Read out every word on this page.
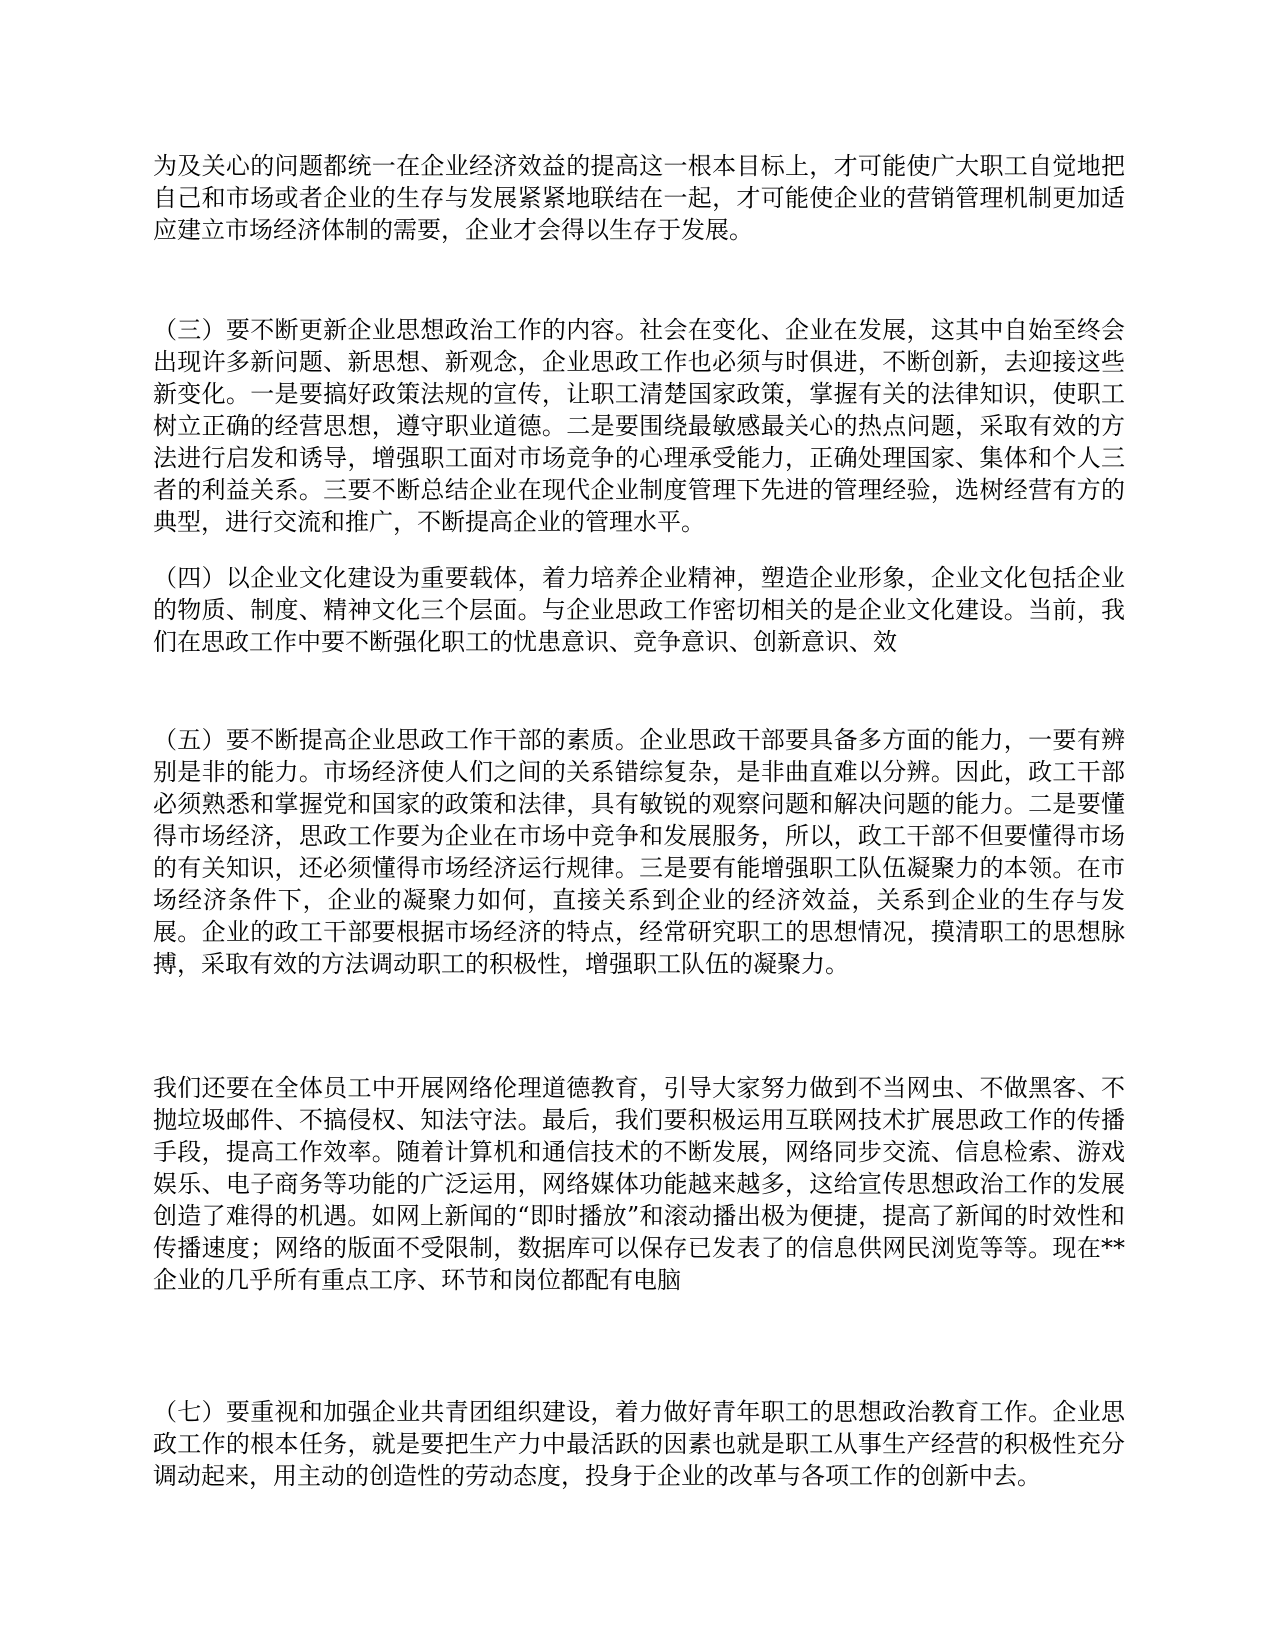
为及关心的问题都统一在企业经济效益的提高这一根本目标上，才可能使广大职工自觉地把自己和市场或者企业的生存与发展紧紧地联结在一起，才可能使企业的营销管理机制更加适应建立市场经济体制的需要，企业才会得以生存于发展。

（三）要不断更新企业思想政治工作的内容。社会在变化、企业在发展，这其中自始至终会出现许多新问题、新思想、新观念，企业思政工作也必须与时俱进，不断创新，去迎接这些新变化。一是要搞好政策法规的宣传，让职工清楚国家政策，掌握有关的法律知识，使职工树立正确的经营思想，遵守职业道德。二是要围绕最敏感最关心的热点问题，采取有效的方法进行启发和诱导，增强职工面对市场竞争的心理承受能力，正确处理国家、集体和个人三者的利益关系。三要不断总结企业在现代企业制度管理下先进的管理经验，选树经营有方的典型，进行交流和推广，不断提高企业的管理水平。

（四）以企业文化建设为重要载体，着力培养企业精神，塑造企业形象，企业文化包括企业的物质、制度、精神文化三个层面。与企业思政工作密切相关的是企业文化建设。当前，我们在思政工作中要不断强化职工的忧患意识、竞争意识、创新意识、效

（五）要不断提高企业思政工作干部的素质。企业思政干部要具备多方面的能力，一要有辨别是非的能力。市场经济使人们之间的关系错综复杂，是非曲直难以分辨。因此，政工干部必须熟悉和掌握党和国家的政策和法律，具有敏锐的观察问题和解决问题的能力。二是要懂得市场经济，思政工作要为企业在市场中竞争和发展服务，所以，政工干部不但要懂得市场的有关知识，还必须懂得市场经济运行规律。三是要有能增强职工队伍凝聚力的本领。在市场经济条件下，企业的凝聚力如何，直接关系到企业的经济效益，关系到企业的生存与发展。企业的政工干部要根据市场经济的特点，经常研究职工的思想情况，摸清职工的思想脉搏，采取有效的方法调动职工的积极性，增强职工队伍的凝聚力。

我们还要在全体员工中开展网络伦理道德教育，引导大家努力做到不当网虫、不做黑客、不抛垃圾邮件、不搞侵权、知法守法。最后，我们要积极运用互联网技术扩展思政工作的传播手段，提高工作效率。随着计算机和通信技术的不断发展，网络同步交流、信息检索、游戏娱乐、电子商务等功能的广泛运用，网络媒体功能越来越多，这给宣传思想政治工作的发展创造了难得的机遇。如网上新闻的“即时播放”和滚动播出极为便捷，提高了新闻的时效性和传播速度；网络的版面不受限制，数据库可以保存已发表了的信息供网民浏览等等。现在**企业的几乎所有重点工序、环节和岗位都配有电脑

（七）要重视和加强企业共青团组织建设，着力做好青年职工的思想政治教育工作。企业思政工作的根本任务，就是要把生产力中最活跃的因素也就是职工从事生产经营的积极性充分调动起来，用主动的创造性的劳动态度，投身于企业的改革与各项工作的创新中去。
